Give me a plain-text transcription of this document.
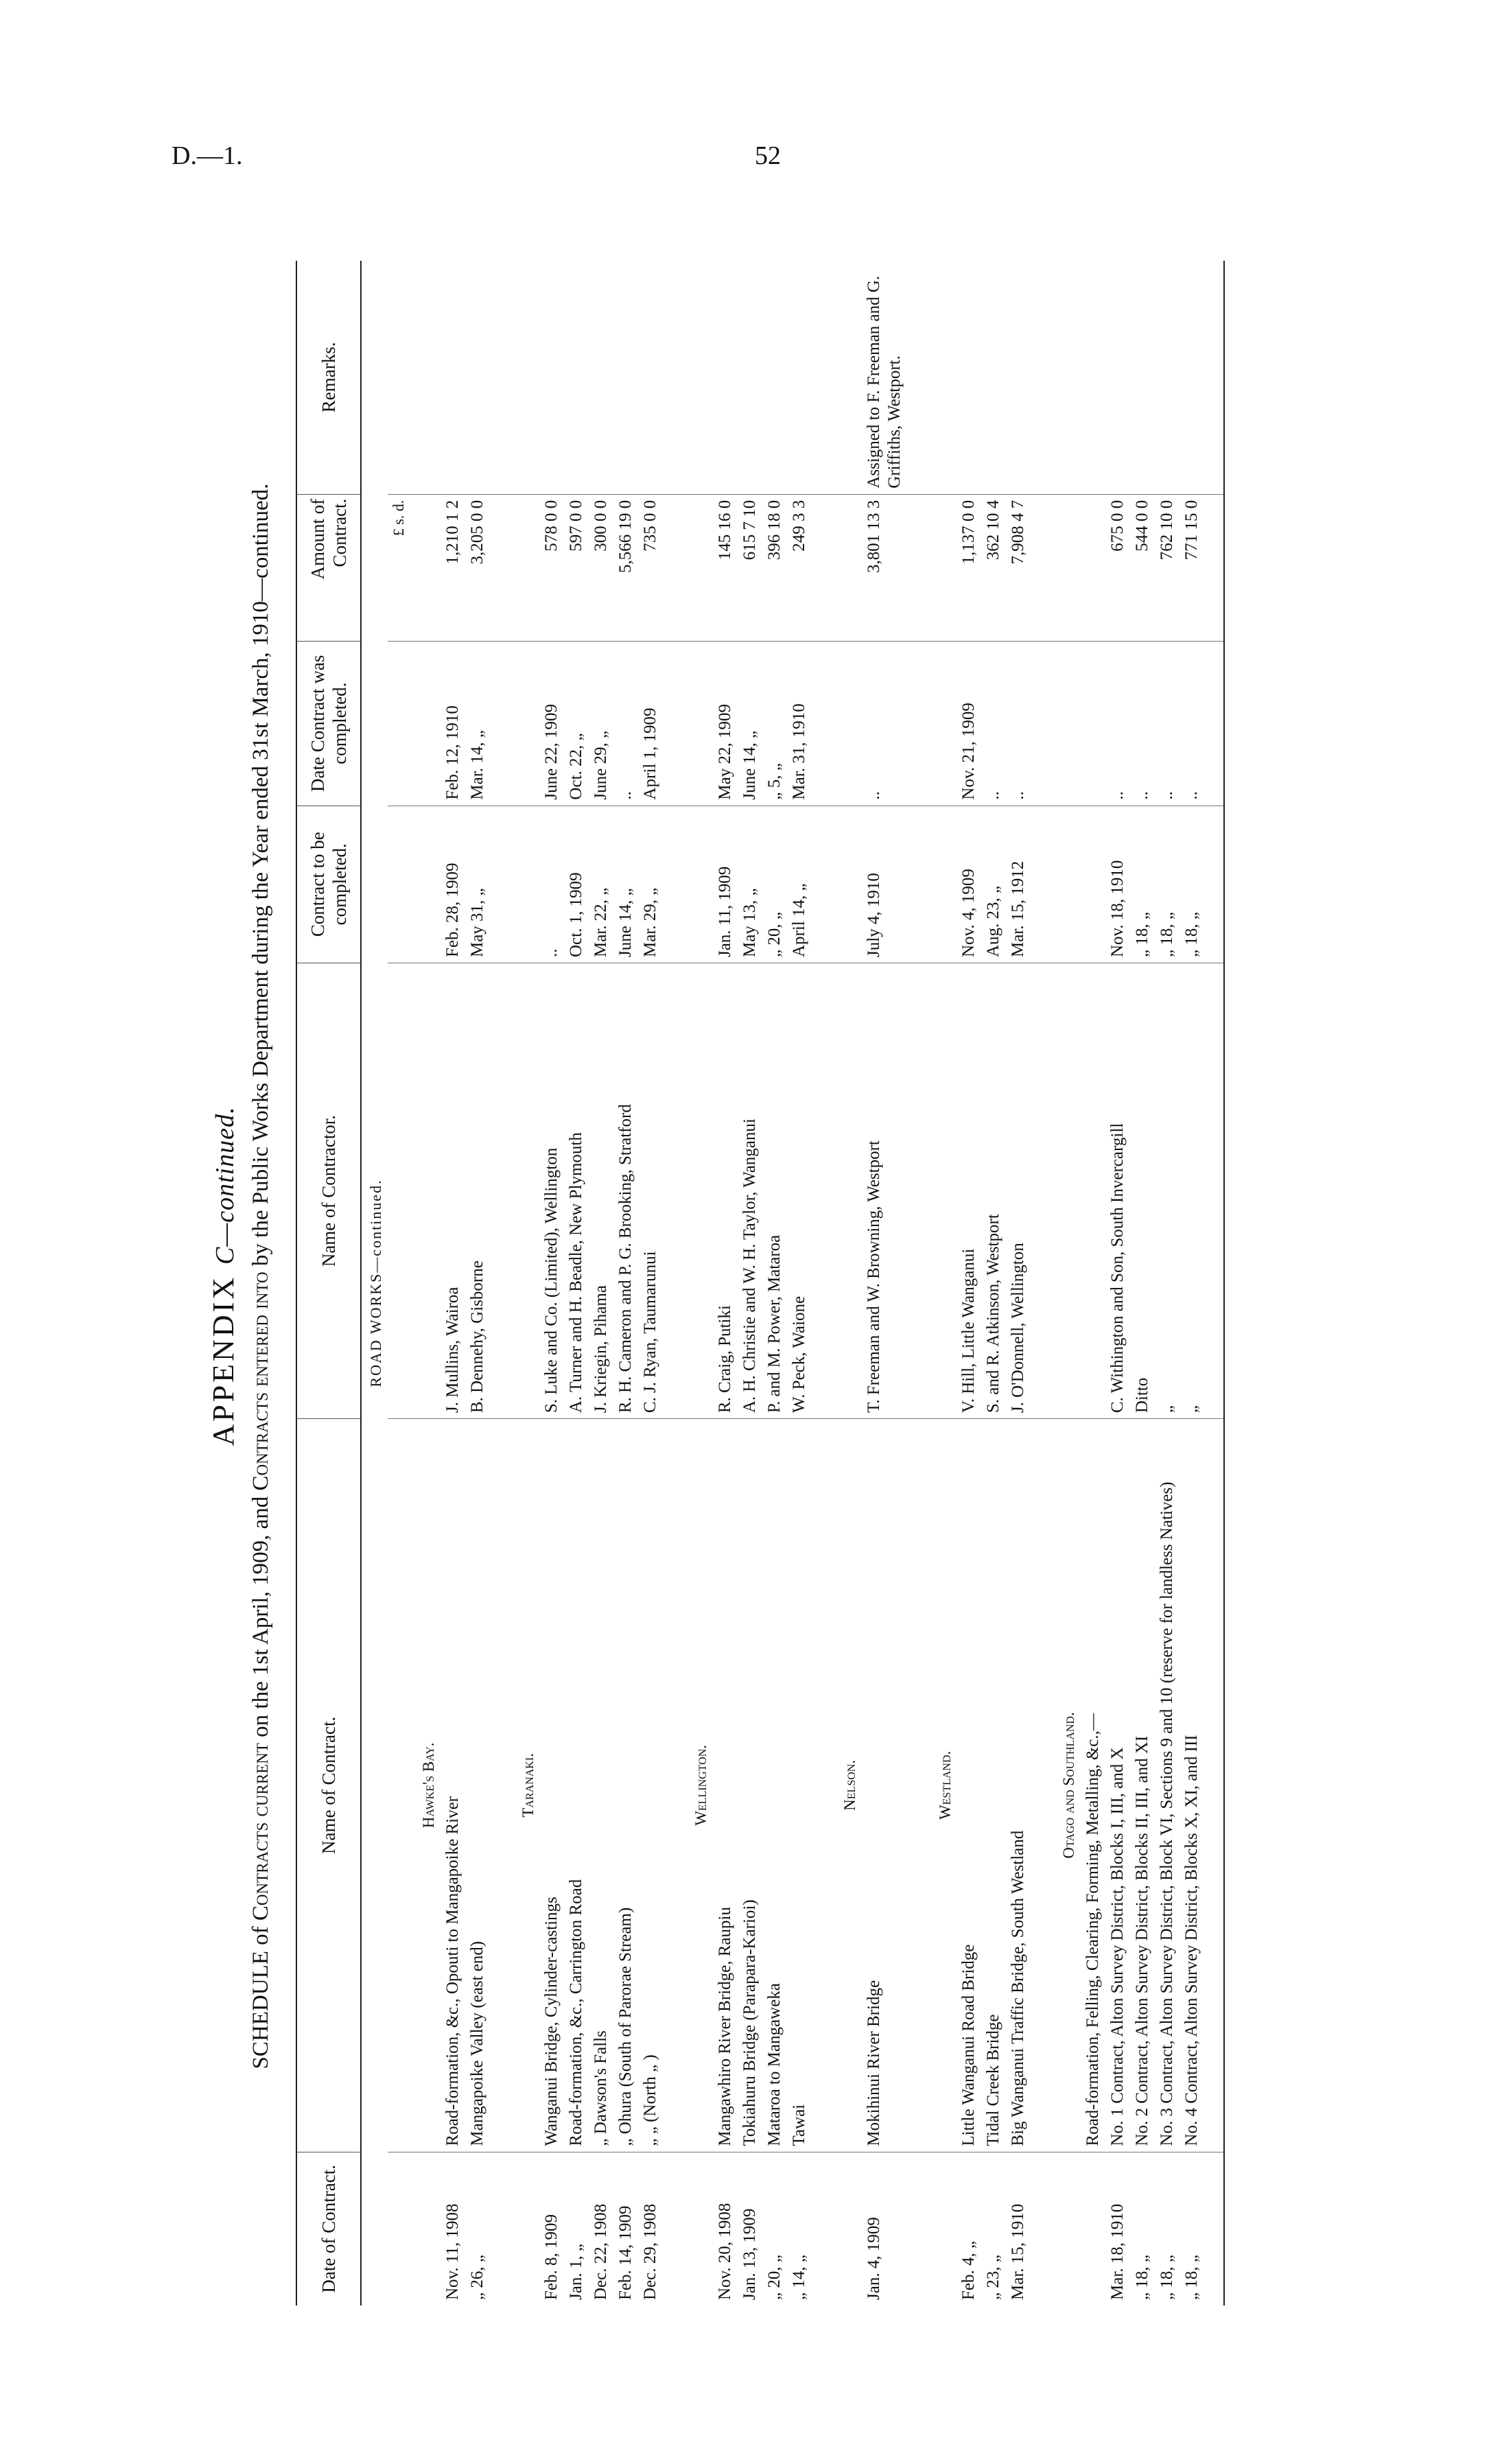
D.—1.	52
APPENDIX C—continued.
SCHEDULE of Contracts current on the 1st April, 1909, and Contracts entered into by the Public Works Department during the Year ended 31st March, 1910—continued.
Date of Contract.	Name of Contract.	Name of Contractor.	Contract to be completed.	Date Contract was completed.	Amount of Contract.	Remarks.
ROAD WORKS—continued.						
					£ s. d.	
	Hawke's Bay.					
Nov. 11, 1908	Road-formation, &c., Opouti to Mangapoike River	J. Mullins, Wairoa	Feb. 28, 1909	Feb. 12, 1910	1,210 1 2	
„ 26, „	Mangapoike Valley (east end)	B. Dennehy, Gisborne	May 31, „	Mar. 14, „	3,205 0 0	

	Taranaki.					
Feb. 8, 1909	Wanganui Bridge, Cylinder-castings	S. Luke and Co. (Limited), Wellington	..	June 22, 1909	578 0 0	
Jan. 1, „	Road-formation, &c., Carrington Road	A. Turner and H. Beadle, New Plymouth	Oct. 1, 1909	Oct. 22, „	597 0 0	
Dec. 22, 1908	„ Dawson's Falls	J. Kriegin, Pihama	Mar. 22, „	June 29, „	300 0 0	
Feb. 14, 1909	„ Ohura (South of Parorae Stream)	R. H. Cameron and P. G. Brooking, Stratford	June 14, „	..	5,566 19 0	
Dec. 29, 1908	„ „ (North „ )	C. J. Ryan, Taumarunui	Mar. 29, „	April 1, 1909	735 0 0	

	Wellington.					
Nov. 20, 1908	Mangawhiro River Bridge, Raupiu	R. Craig, Putiki	Jan. 11, 1909	May 22, 1909	145 16 0	
Jan. 13, 1909	Tokiahuru Bridge (Parapara-Karioi)	A. H. Christie and W. H. Taylor, Wanganui	May 13, „	June 14, „	615 7 10	
„ 20, „	Mataroa to Mangaweka	P. and M. Power, Mataroa	„ 20, „	„ 5, „	396 18 0	
„ 14, „	Tawai	W. Peck, Waione	April 14, „	Mar. 31, 1910	249 3 3	

	Nelson.					
Jan. 4, 1909	Mokihinui River Bridge	T. Freeman and W. Browning, Westport	July 4, 1910	..	3,801 13 3	Assigned to F. Freeman and G. Griffiths, Westport.

	Westland.					
Feb. 4, „	Little Wanganui Road Bridge	V. Hill, Little Wanganui	Nov. 4, 1909	Nov. 21, 1909	1,137 0 0	
„ 23, „	Tidal Creek Bridge	S. and R. Atkinson, Westport	Aug. 23, „	..	362 10 4	
Mar. 15, 1910	Big Wanganui Traffic Bridge, South Westland	J. O'Donnell, Wellington	Mar. 15, 1912	..	7,908 4 7	

	Otago and Southland.					
	Road-formation, Felling, Clearing, Forming, Metalling, &c.,—					
Mar. 18, 1910	No. 1 Contract, Alton Survey District, Blocks I, III, and X	C. Withington and Son, South Invercargill	Nov. 18, 1910	..	675 0 0	
„ 18, „	No. 2 Contract, Alton Survey District, Blocks II, III, and XI	Ditto	„ 18, „	..	544 0 0	
„ 18, „	No. 3 Contract, Alton Survey District, Block VI, Sections 9 and 10 (reserve for landless Natives)	„	„ 18, „	..	762 10 0	
„ 18, „	No. 4 Contract, Alton Survey District, Blocks X, XI, and III	„	„ 18, „	..	771 15 0	
